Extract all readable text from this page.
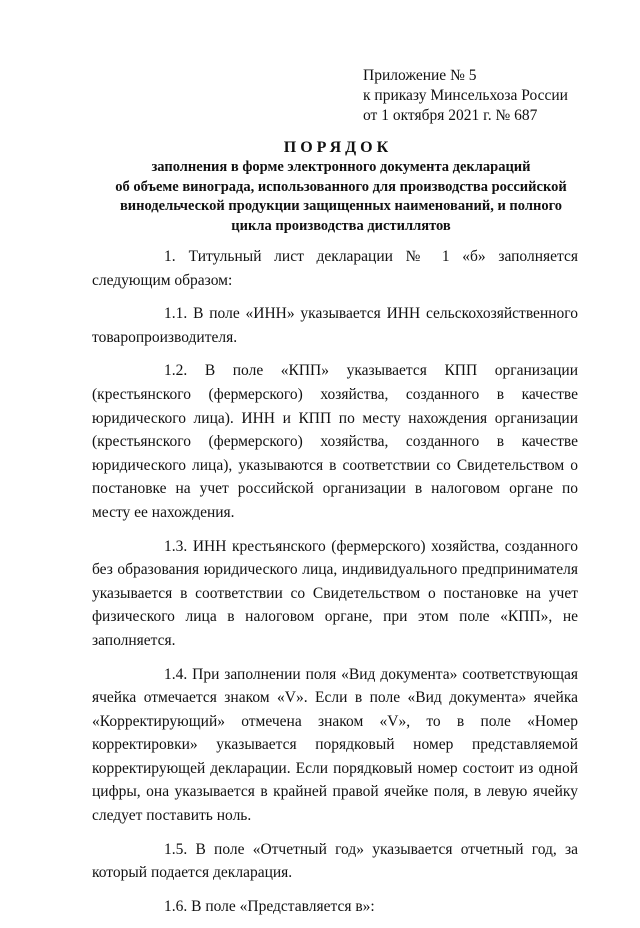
Приложение № 5
к приказу Минсельхоза России
от 1 октября 2021 г. № 687
ПОРЯДОК
заполнения в форме электронного документа деклараций
об объеме винограда, использованного для производства российской
винодельческой продукции защищенных наименований, и полного
цикла производства дистиллятов

1. Титульный лист декларации № 1 «б» заполняется следующим образом:

1.1. В поле «ИНН» указывается ИНН сельскохозяйственного товаропроизводителя.

1.2. В поле «КПП» указывается КПП организации (крестьянского (фермерского) хозяйства, созданного в качестве юридического лица). ИНН и КПП по месту нахождения организации (крестьянского (фермерского) хозяйства, созданного в качестве юридического лица), указываются в соответствии со Свидетельством о постановке на учет российской организации в налоговом органе по месту ее нахождения.

1.3. ИНН крестьянского (фермерского) хозяйства, созданного без образования юридического лица, индивидуального предпринимателя указывается в соответствии со Свидетельством о постановке на учет физического лица в налоговом органе, при этом поле «КПП», не заполняется.

1.4. При заполнении поля «Вид документа» соответствующая ячейка отмечается знаком «V». Если в поле «Вид документа» ячейка «Корректирующий» отмечена знаком «V», то в поле «Номер корректировки» указывается порядковый номер представляемой корректирующей декларации. Если порядковый номер состоит из одной цифры, она указывается в крайней правой ячейке поля, в левую ячейку следует поставить ноль.

1.5. В поле «Отчетный год» указывается отчетный год, за который подается декларация.

1.6. В поле «Представляется в»:
